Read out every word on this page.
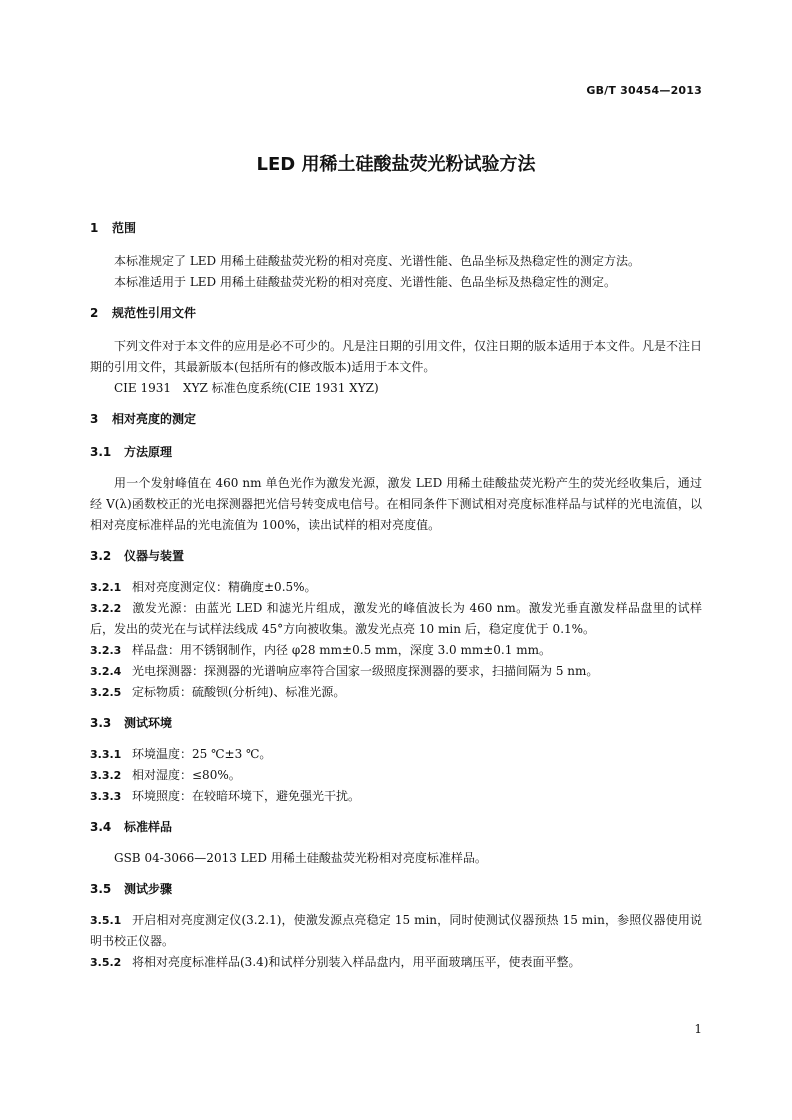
GB/T 30454—2013
LED 用稀土硅酸盐荧光粉试验方法
1 范围

本标准规定了 LED 用稀土硅酸盐荧光粉的相对亮度、光谱性能、色品坐标及热稳定性的测定方法。

本标准适用于 LED 用稀土硅酸盐荧光粉的相对亮度、光谱性能、色品坐标及热稳定性的测定。

2 规范性引用文件

下列文件对于本文件的应用是必不可少的。凡是注日期的引用文件，仅注日期的版本适用于本文件。凡是不注日期的引用文件，其最新版本(包括所有的修改版本)适用于本文件。

CIE 1931　XYZ 标准色度系统(CIE 1931 XYZ)

3 相对亮度的测定
3.1 方法原理

用一个发射峰值在 460 nm 单色光作为激发光源，激发 LED 用稀土硅酸盐荧光粉产生的荧光经收集后，通过经 V(λ)函数校正的光电探测器把光信号转变成电信号。在相同条件下测试相对亮度标准样品与试样的光电流值，以相对亮度标准样品的光电流值为 100%，读出试样的相对亮度值。

3.2 仪器与装置

3.2.1 相对亮度测定仪：精确度±0.5%。

3.2.2 激发光源：由蓝光 LED 和滤光片组成，激发光的峰值波长为 460 nm。激发光垂直激发样品盘里的试样后，发出的荧光在与试样法线成 45°方向被收集。激发光点亮 10 min 后，稳定度优于 0.1%。

3.2.3 样品盘：用不锈钢制作，内径 φ28 mm±0.5 mm，深度 3.0 mm±0.1 mm。

3.2.4 光电探测器：探测器的光谱响应率符合国家一级照度探测器的要求，扫描间隔为 5 nm。

3.2.5 定标物质：硫酸钡(分析纯)、标准光源。

3.3 测试环境

3.3.1 环境温度：25 ℃±3 ℃。

3.3.2 相对湿度：≤80%。

3.3.3 环境照度：在较暗环境下，避免强光干扰。

3.4 标准样品

GSB 04-3066—2013 LED 用稀土硅酸盐荧光粉相对亮度标准样品。

3.5 测试步骤

3.5.1 开启相对亮度测定仪(3.2.1)，使激发源点亮稳定 15 min，同时使测试仪器预热 15 min，参照仪器使用说明书校正仪器。

3.5.2 将相对亮度标准样品(3.4)和试样分别装入样品盘内，用平面玻璃压平，使表面平整。

1
